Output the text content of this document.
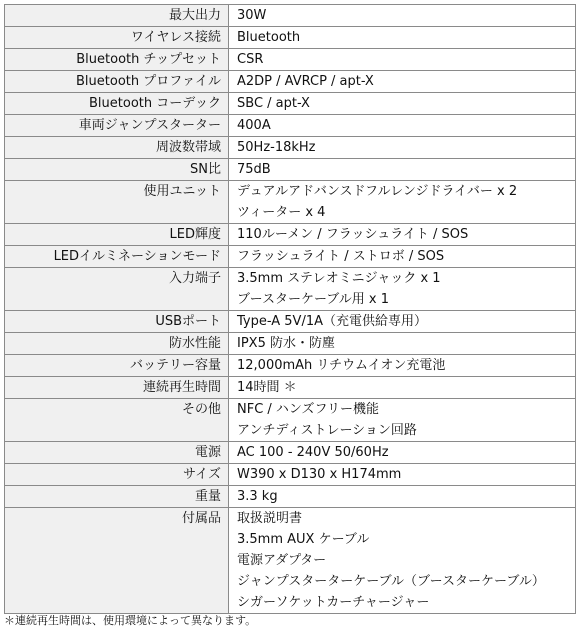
最大出力	30W

ワイヤレス接続	Bluetooth

Bluetooth チップセット	CSR

Bluetooth プロファイル	A2DP / AVRCP / apt-X

Bluetooth コーデック	SBC / apt-X

車両ジャンプスターター	400A

周波数帯域	50Hz-18kHz

SN比	75dB

使用ユニット	デュアルアドバンスドフルレンジドライバー x 2
ツィーター x 4

LED輝度	110ルーメン / フラッシュライト / SOS

LEDイルミネーションモード	フラッシュライト / ストロボ / SOS

入力端子	3.5mm ステレオミニジャック x 1
ブースターケーブル用 x 1

USBポート	Type-A 5V/1A（充電供給専用）

防水性能	IPX5 防水・防塵

バッテリー容量	12,000mAh リチウムイオン充電池

連続再生時間	14時間 ＊

その他	NFC / ハンズフリー機能
アンチディストレーション回路

電源	AC 100 - 240V 50/60Hz

サイズ	W390 x D130 x H174mm

重量	3.3 kg

付属品	取扱説明書
3.5mm AUX ケーブル
電源アダプター
ジャンプスターターケーブル（ブースターケーブル）
シガーソケットカーチャージャー
＊連続再生時間は、使用環境によって異なります。
